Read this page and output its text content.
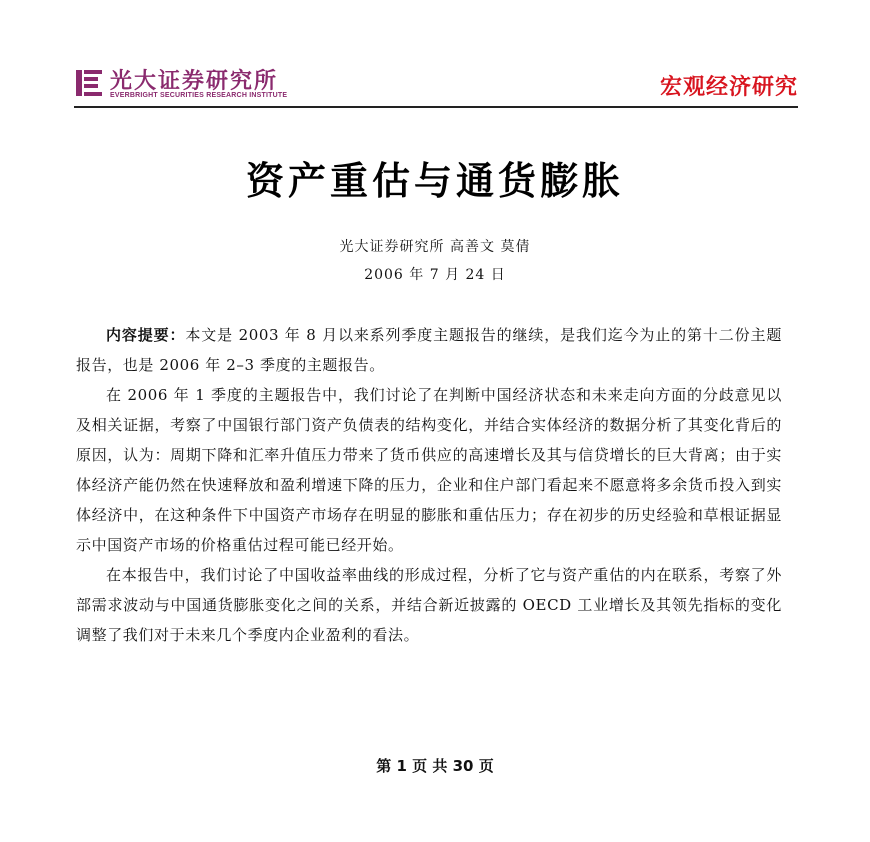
光大证券研究所
EVERBRIGHT SECURITIES RESEARCH INSTITUTE	宏观经济研究
资产重估与通货膨胀
光大证券研究所 高善文 莫倩
2006 年 7 月 24 日

内容提要：本文是 2003 年 8 月以来系列季度主题报告的继续，是我们迄今为止的第十二份主题报告，也是 2006 年 2–3 季度的主题报告。

在 2006 年 1 季度的主题报告中，我们讨论了在判断中国经济状态和未来走向方面的分歧意见以及相关证据，考察了中国银行部门资产负债表的结构变化，并结合实体经济的数据分析了其变化背后的原因，认为：周期下降和汇率升值压力带来了货币供应的高速增长及其与信贷增长的巨大背离；由于实体经济产能仍然在快速释放和盈利增速下降的压力，企业和住户部门看起来不愿意将多余货币投入到实体经济中，在这种条件下中国资产市场存在明显的膨胀和重估压力；存在初步的历史经验和草根证据显示中国资产市场的价格重估过程可能已经开始。

在本报告中，我们讨论了中国收益率曲线的形成过程，分析了它与资产重估的内在联系，考察了外部需求波动与中国通货膨胀变化之间的关系，并结合新近披露的 OECD 工业增长及其领先指标的变化调整了我们对于未来几个季度内企业盈利的看法。

第 1 页 共 30 页
